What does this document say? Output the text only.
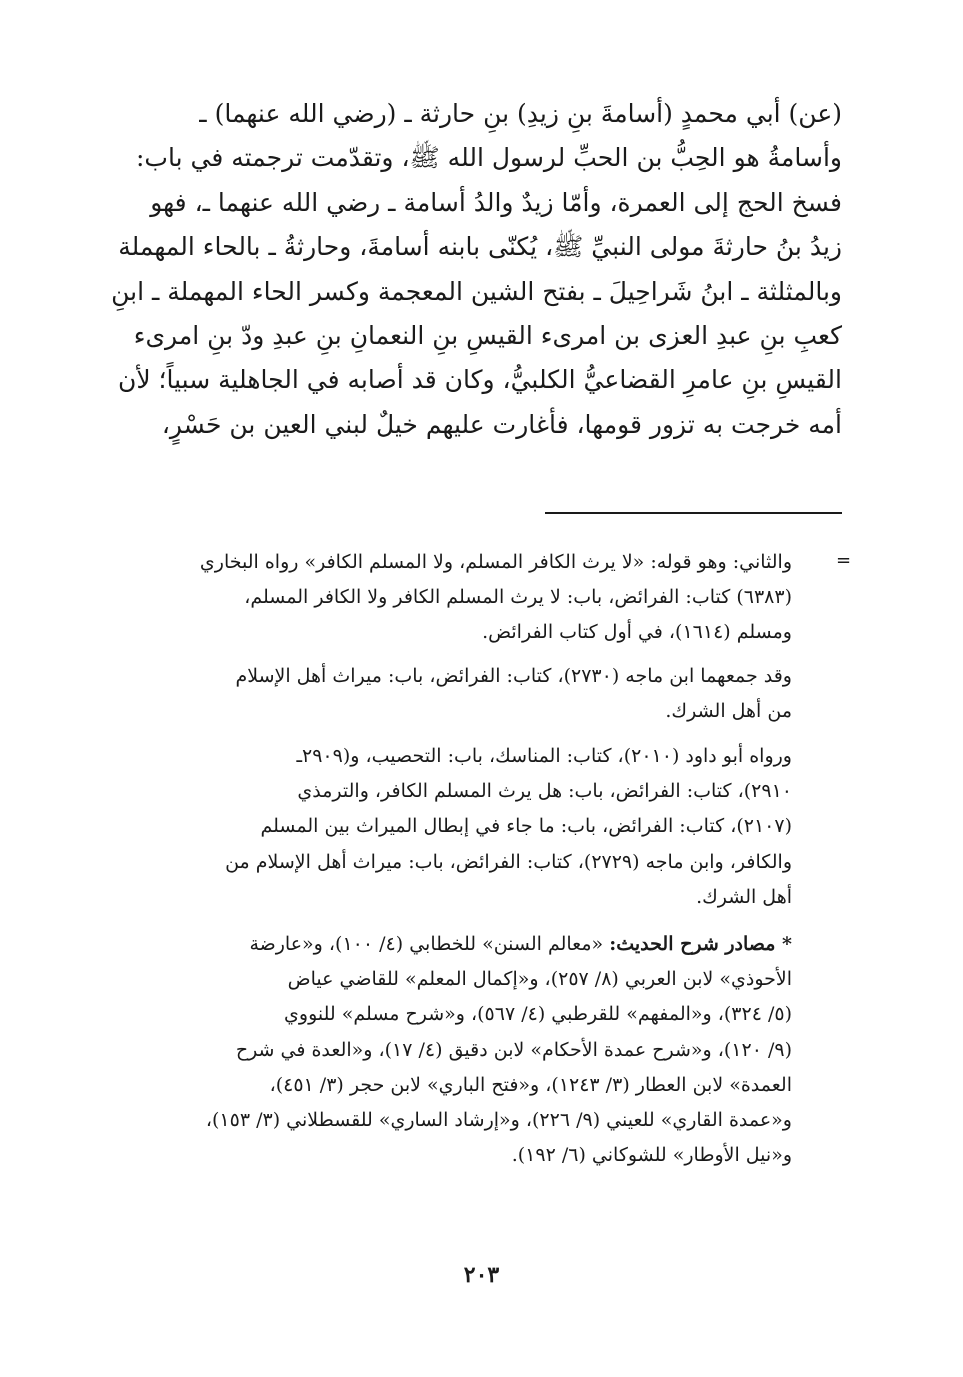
(عن) أبي محمدٍ (أسامةَ بنِ زيدِ) بنِ حارثة ـ (رضي الله عنهما) ـ
وأسامةُ هو الحِبُّ بن الحبِّ لرسول الله ﷺ، وتقدّمت ترجمته في باب:
فسخ الحج إلى العمرة، وأمّا زيدٌ والدُ أسامة ـ رضي الله عنهما ـ، فهو
زيدُ بنُ حارثةَ مولى النبيِّ ﷺ، يُكنّى بابنه أسامةَ، وحارثةُ ـ بالحاء المهملة
وبالمثلثة ـ ابنُ شَراحِيلَ ـ بفتح الشين المعجمة وكسر الحاء المهملة ـ ابنِ
كعبِ بنِ عبدِ العزى بن امرىء القيسِ بنِ النعمانِ بنِ عبدِ ودّ بنِ امرىء
القيسِ بنِ عامرِ القضاعيُّ الكلبيُّ، وكان قد أصابه في الجاهلية سبياً؛ لأن
أمه خرجت به تزور قومها، فأغارت عليهم خيلٌ لبني العين بن حَسْرٍ،
=
والثاني: وهو قوله: «لا يرث الكافر المسلم، ولا المسلم الكافر» رواه البخاري
(٦٣٨٣) كتاب: الفرائض، باب: لا يرث المسلم الكافر ولا الكافر المسلم،
ومسلم (١٦١٤)، في أول كتاب الفرائض.
وقد جمعهما ابن ماجه (٢٧٣٠)، كتاب: الفرائض، باب: ميراث أهل الإسلام
من أهل الشرك.
ورواه أبو داود (٢٠١٠)، كتاب: المناسك، باب: التحصيب، و(٢٩٠٩ـ
٢٩١٠)، كتاب: الفرائض، باب: هل يرث المسلم الكافر، والترمذي
(٢١٠٧)، كتاب: الفرائض، باب: ما جاء في إبطال الميراث بين المسلم
والكافر، وابن ماجه (٢٧٢٩)، كتاب: الفرائض، باب: ميراث أهل الإسلام من
أهل الشرك.
* مصادر شرح الحديث: «معالم السنن» للخطابي (٤/ ١٠٠)، و«عارضة
الأحوذي» لابن العربي (٨/ ٢٥٧)، و«إكمال المعلم» للقاضي عياض
(٥/ ٣٢٤)، و«المفهم» للقرطبي (٤/ ٥٦٧)، و«شرح مسلم» للنووي
(٩/ ١٢٠)، و«شرح عمدة الأحكام» لابن دقيق (٤/ ١٧)، و«العدة في شرح
العمدة» لابن العطار (٣/ ١٢٤٣)، و«فتح الباري» لابن حجر (٣/ ٤٥١)،
و«عمدة القاري» للعيني (٩/ ٢٢٦)، و«إرشاد الساري» للقسطلاني (٣/ ١٥٣)،
و«نيل الأوطار» للشوكاني (٦/ ١٩٢).
٢٠٣
